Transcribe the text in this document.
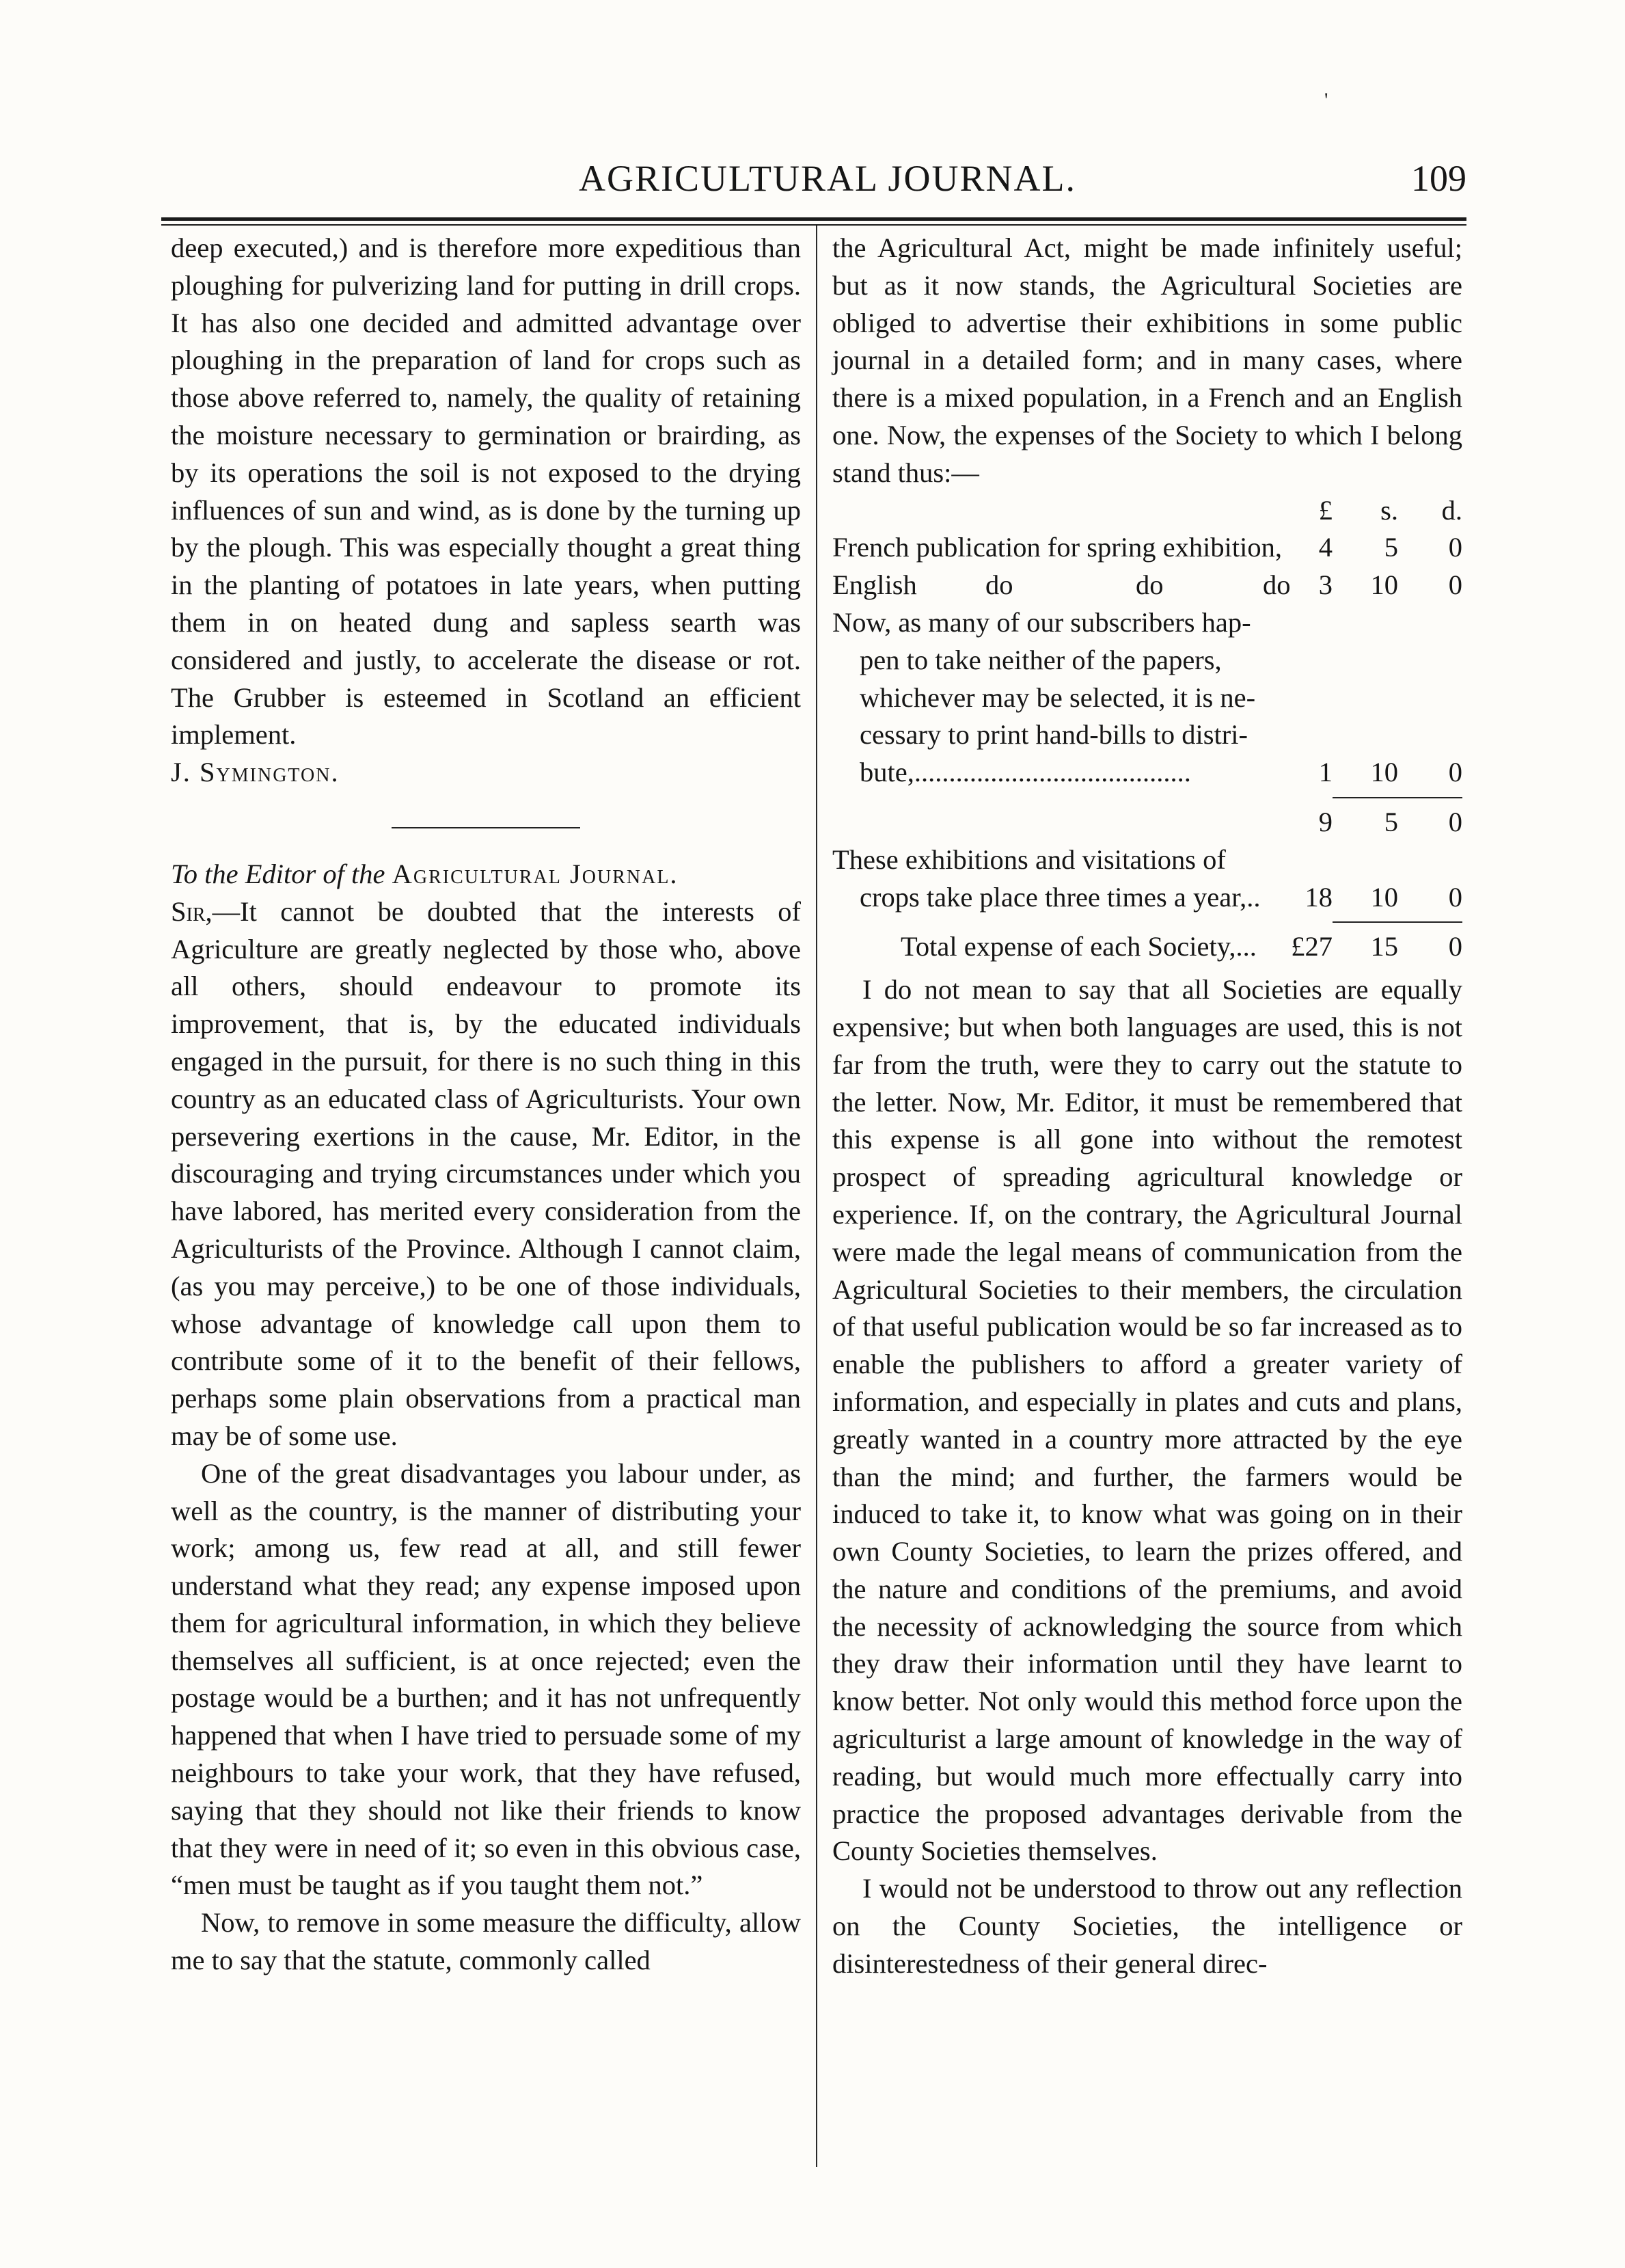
'
AGRICULTURAL JOURNAL.	109

deep executed,) and is therefore more expeditious than ploughing for pulverizing land for putting in drill crops. It has also one decided and admitted advantage over ploughing in the preparation of land for crops such as those above referred to, namely, the quality of retaining the moisture necessary to germination or brairding, as by its operations the soil is not exposed to the drying influences of sun and wind, as is done by the turning up by the plough. This was especially thought a great thing in the planting of potatoes in late years, when putting them in on heated dung and sapless searth was considered and justly, to accelerate the disease or rot. The Grubber is esteemed in Scotland an efficient implement.

J. Symington.

To the Editor of the Agricultural Journal.

Sir,—It cannot be doubted that the interests of Agriculture are greatly neglected by those who, above all others, should endeavour to promote its improvement, that is, by the educated individuals engaged in the pursuit, for there is no such thing in this country as an educated class of Agriculturists. Your own persevering exertions in the cause, Mr. Editor, in the discouraging and trying circumstances under which you have labored, has merited every consideration from the Agriculturists of the Province. Although I cannot claim, (as you may perceive,) to be one of those individuals, whose advantage of knowledge call upon them to contribute some of it to the benefit of their fellows, perhaps some plain observations from a practical man may be of some use.

One of the great disadvantages you labour under, as well as the country, is the manner of distributing your work; among us, few read at all, and still fewer understand what they read; any expense imposed upon them for agricultural information, in which they believe themselves all sufficient, is at once rejected; even the postage would be a burthen; and it has not unfrequently happened that when I have tried to persuade some of my neighbours to take your work, that they have refused, saying that they should not like their friends to know that they were in need of it; so even in this obvious case, “men must be taught as if you taught them not.”

Now, to remove in some measure the difficulty, allow me to say that the statute, commonly called

the Agricultural Act, might be made infinitely useful; but as it now stands, the Agricultural Societies are obliged to advertise their exhibitions in some public journal in a detailed form; and in many cases, where there is a mixed population, in a French and an English one. Now, the expenses of the Society to which I belong stand thus:—

£ s. d.
French publication for spring exhibition, 4 5 0
English do	do	do 3 10 0
Now, as many of our subscribers hap-
pen to take neither of the papers,
whichever may be selected, it is ne-
cessary to print hand-bills to distri-
bute,........................................	1 10 0
9 5 0
These exhibitions and visitations of
crops take place three times a year,.. 18 10 0
Total expense of each Society,... £27 15 0

I do not mean to say that all Societies are equally expensive; but when both languages are used, this is not far from the truth, were they to carry out the statute to the letter. Now, Mr. Editor, it must be remembered that this expense is all gone into without the remotest prospect of spreading agricultural knowledge or experience. If, on the contrary, the Agricultural Journal were made the legal means of communication from the Agricultural Societies to their members, the circulation of that useful publication would be so far increased as to enable the publishers to afford a greater variety of information, and especially in plates and cuts and plans, greatly wanted in a country more attracted by the eye than the mind; and further, the farmers would be induced to take it, to know what was going on in their own County Societies, to learn the prizes offered, and the nature and conditions of the premiums, and avoid the necessity of acknowledging the source from which they draw their information until they have learnt to know better. Not only would this method force upon the agriculturist a large amount of knowledge in the way of reading, but would much more effectually carry into practice the proposed advantages derivable from the County Societies themselves.

I would not be understood to throw out any reflection on the County Societies, the intelligence or disinterestedness of their general direc-
